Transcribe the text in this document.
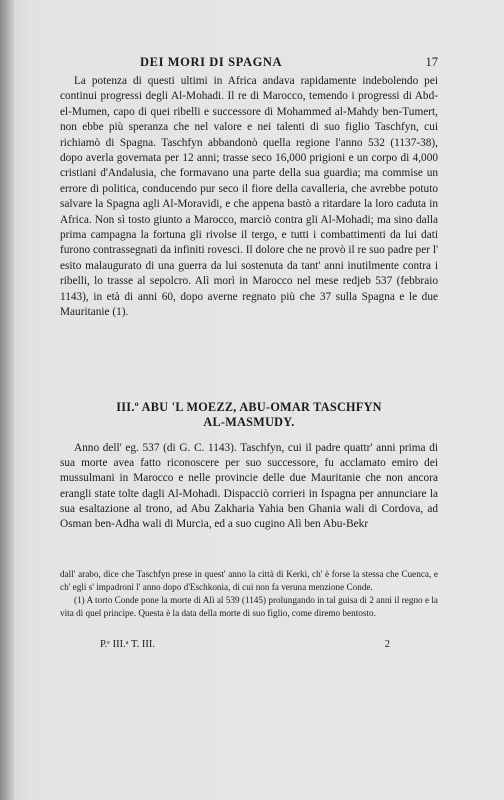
DEI MORI DI SPAGNA	17

La potenza di questi ultimi in Africa andava rapidamente indebolendo pei continui progressi degli Al-Mohadi. Il re di Marocco, temendo i progressi di Abd-el-Mumen, capo di quei ribelli e successore di Mohammed al-Mahdy ben-Tumert, non ebbe più speranza che nel valore e nei talenti di suo figlio Taschfyn, cui richiamò di Spagna. Taschfyn abbandonò quella regione l'anno 532 (1137-38), dopo averla governata per 12 anni; trasse seco 16,000 prigioni e un corpo di 4,000 cristiani d'Andalusia, che formavano una parte della sua guardia; ma commise un errore di politica, conducendo pur seco il fiore della cavalleria, che avrebbe potuto salvare la Spagna agli Al-Moravidi, e che appena bastò a ritardare la loro caduta in Africa. Non sì tosto giunto a Marocco, marciò contra gli Al-Mohadi; ma sino dalla prima campagna la fortuna gli rivolse il tergo, e tutti i combattimenti da lui dati furono contrassegnati da infiniti rovesci. Il dolore che ne provò il re suo padre per l' esito malaugurato di una guerra da lui sostenuta da tant' anni inutilmente contra i ribelli, lo trasse al sepolcro. Alì morì in Marocco nel mese redjeb 537 (febbraio 1143), in età di anni 60, dopo averne regnato più che 37 sulla Spagna e le due Mauritanie (1).

III.º ABU 'L MOEZZ, ABU-OMAR TASCHFYN
AL-MASMUDY.

Anno dell' eg. 537 (di G. C. 1143). Taschfyn, cui il padre quattr' anni prima di sua morte avea fatto riconoscere per suo successore, fu acclamato emiro dei mussulmani in Marocco e nelle provincie delle due Mauritanie che non ancora erangli state tolte dagli Al-Mohadi. Dispacciò corrieri in Ispagna per annunciare la sua esaltazione al trono, ad Abu Zakharia Yahia ben Ghania wali di Cordova, ad Osman ben-Adha wali di Murcia, ed a suo cugino Alì ben Abu-Bekr

dall' arabo, dice che Taschfyn prese in quest' anno la città di Kerki, ch' è forse la stessa che Cuenca, e ch' egli s' impadronì l' anno dopo d'Eschkonia, di cui non fa veruna menzione Conde.

(1) A torto Conde pone la morte di Alì al 539 (1145) prolungando in tal guisa di 2 anni il regno e la vita di quel principe. Questa è la data della morte di suo figlio, come diremo bentosto.

P.ᵉ III.ᵃ T. III.	2
